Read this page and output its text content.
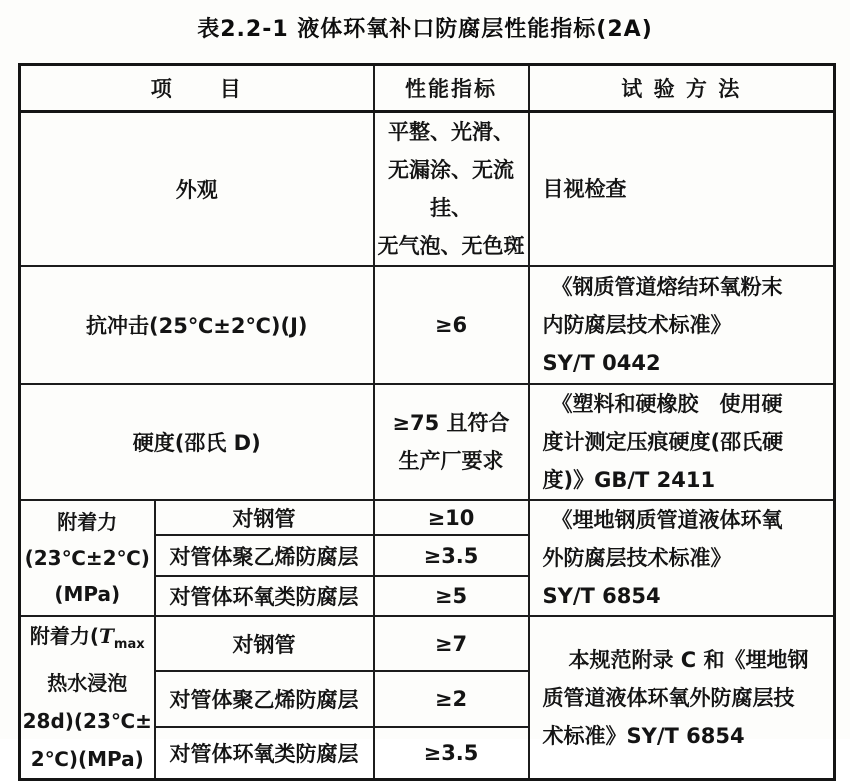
表2.2-1 液体环氧补口防腐层性能指标(2A)
项　　目		性能指标	试 验 方 法
外观		平整、光滑、
无漏涂、无流挂、
无气泡、无色斑	目视检查

抗冲击(25℃±2℃)(J)		≥6	《钢质管道熔结环氧粉末
内防腐层技术标准》
SY/T 0442

硬度(邵氏 D)		≥75 且符合
生产厂要求	《塑料和硬橡胶　使用硬
度计测定压痕硬度(邵氏硬
度)》GB/T 2411

附着力
(23℃±2℃)
(MPa)	对钢管	≥10	《埋地钢质管道液体环氧
外防腐层技术标准》
SY/T 6854

	对管体聚乙烯防腐层	≥3.5	
	对管体环氧类防腐层	≥5	

附着力($T_{max}$
热水浸泡
28d)(23℃±
2℃)(MPa)	对钢管	≥7	本规范附录 C 和《埋地钢
质管道液体环氧外防腐层技
术标准》SY/T 6854

	对管体聚乙烯防腐层	≥2	
	对管体环氧类防腐层	≥3.5	
